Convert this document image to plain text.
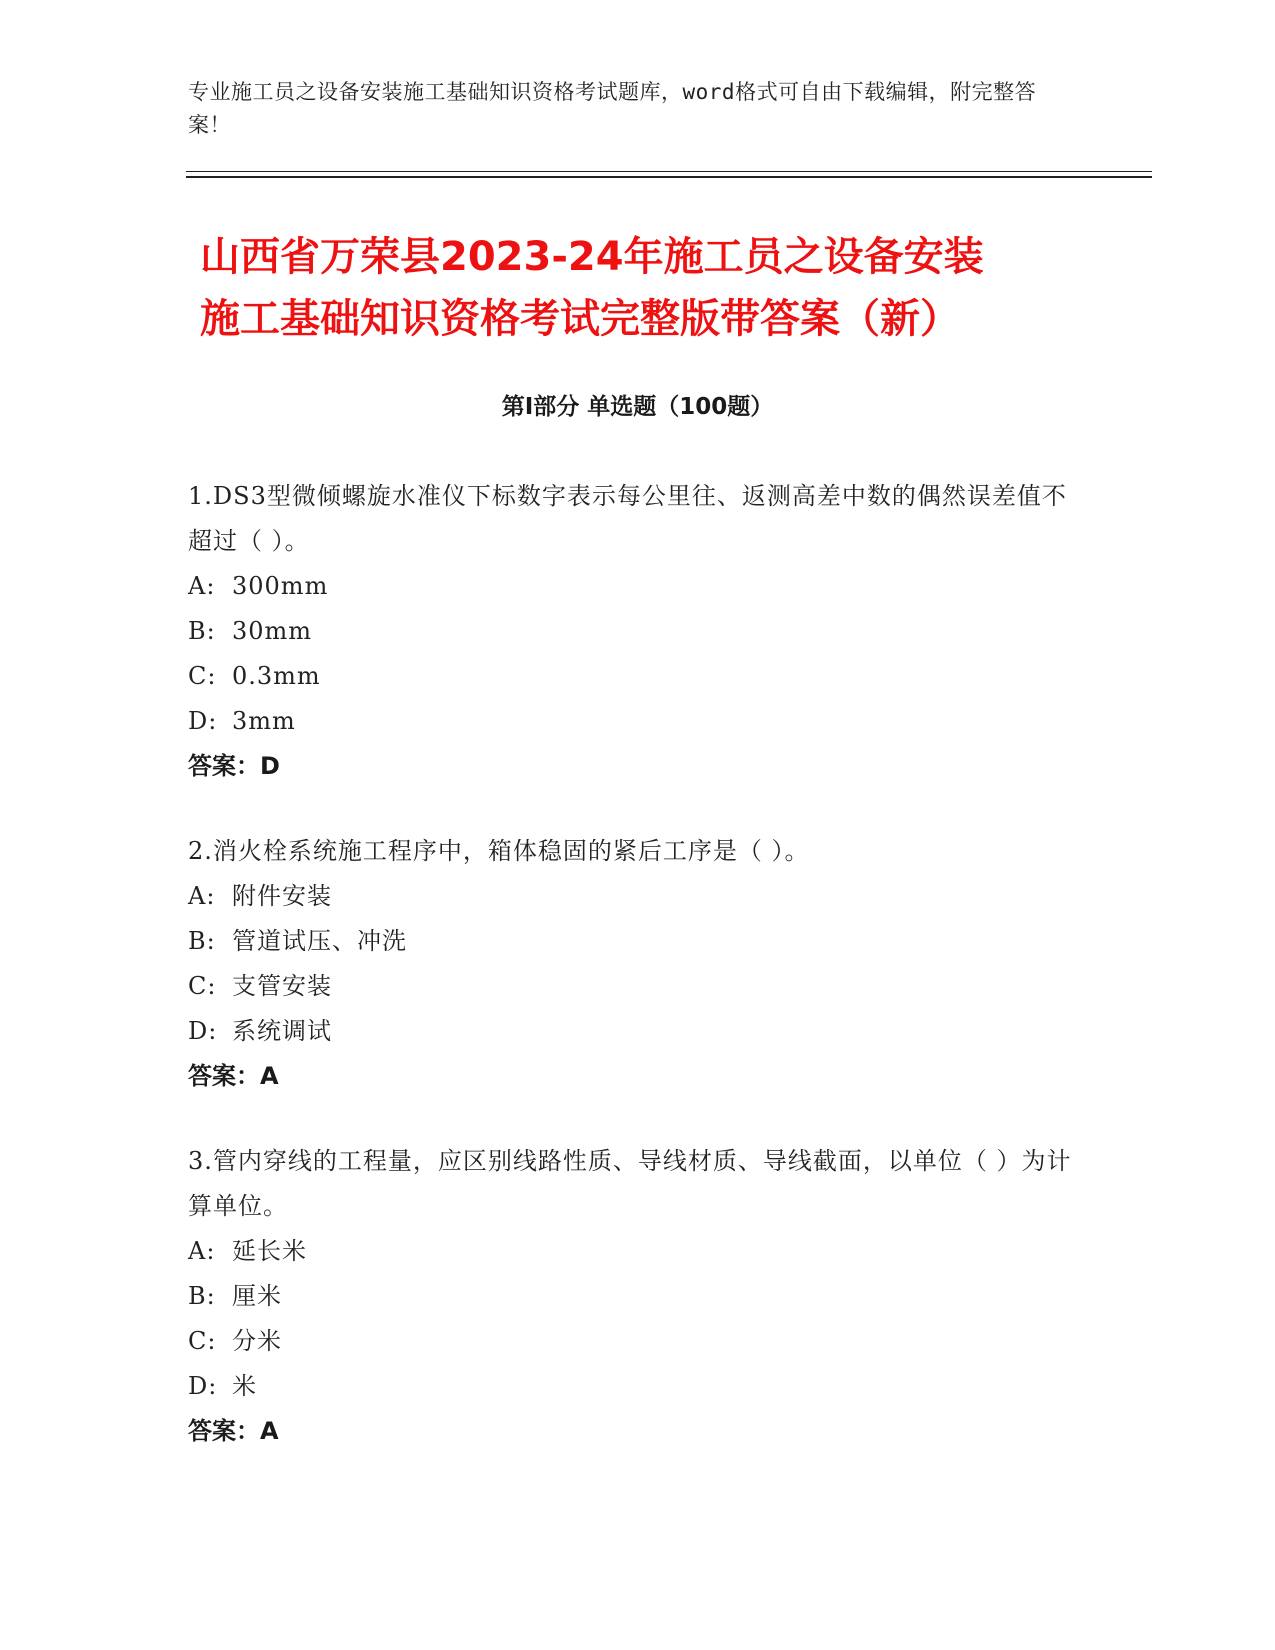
专业施工员之设备安装施工基础知识资格考试题库，word格式可自由下载编辑，附完整答案！
山西省万荣县2023-24年施工员之设备安装
施工基础知识资格考试完整版带答案（新）
第Ⅰ部分 单选题（100题）
1.DS3型微倾螺旋水准仪下标数字表示每公里往、返测高差中数的偶然误差值不超过（ ）。
A: 300mm
B: 30mm
C: 0.3mm
D: 3mm
答案：D
2.消火栓系统施工程序中，箱体稳固的紧后工序是（ ）。
A: 附件安装
B: 管道试压、冲洗
C: 支管安装
D: 系统调试
答案：A
3.管内穿线的工程量，应区别线路性质、导线材质、导线截面，以单位（ ）为计算单位。
A: 延长米
B: 厘米
C: 分米
D: 米
答案：A
